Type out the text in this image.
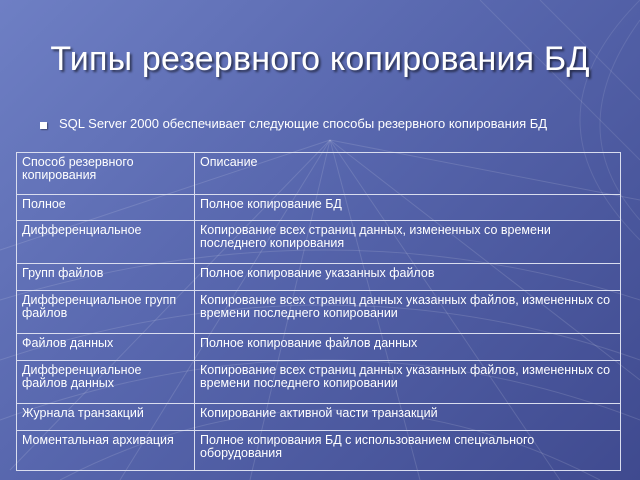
Типы резервного копирования БД
SQL Server 2000 обеспечивает следующие способы резервного копирования БД
Способ резервного копирования	Описание
Полное	Полное копирование БД
Дифференциальное	Копирование всех страниц данных, измененных со времени последнего копирования
Групп файлов	Полное копирование указанных файлов
Дифференциальное групп файлов	Копирование всех страниц данных указанных файлов, измененных со времени последнего копировании
Файлов данных	Полное копирование файлов данных
Дифференциальное файлов данных	Копирование всех страниц данных указанных файлов, измененных со времени последнего копировании
Журнала транзакций	Копирование активной части транзакций
Моментальная архивация	Полное копирования БД с использованием специального оборудования
